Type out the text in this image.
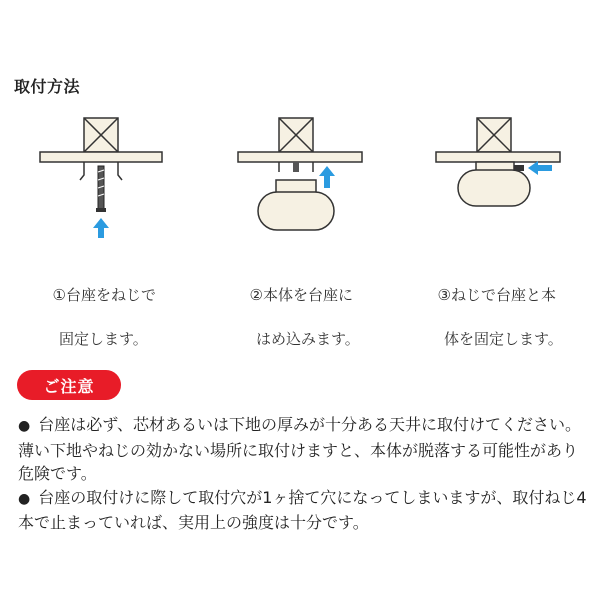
取付方法

①台座をねじで

固定します。

②本体を台座に

はめ込みます。

③ねじで台座と本

体を固定します。

ご注意

● 台座は必ず、芯材あるいは下地の厚みが十分ある天井に取付けてください。薄い下地やねじの効かない場所に取付けますと、本体が脱落する可能性があり危険です。

● 台座の取付けに際して取付穴が1ヶ捨て穴になってしまいますが、取付ねじ4本で止まっていれば、実用上の強度は十分です。
